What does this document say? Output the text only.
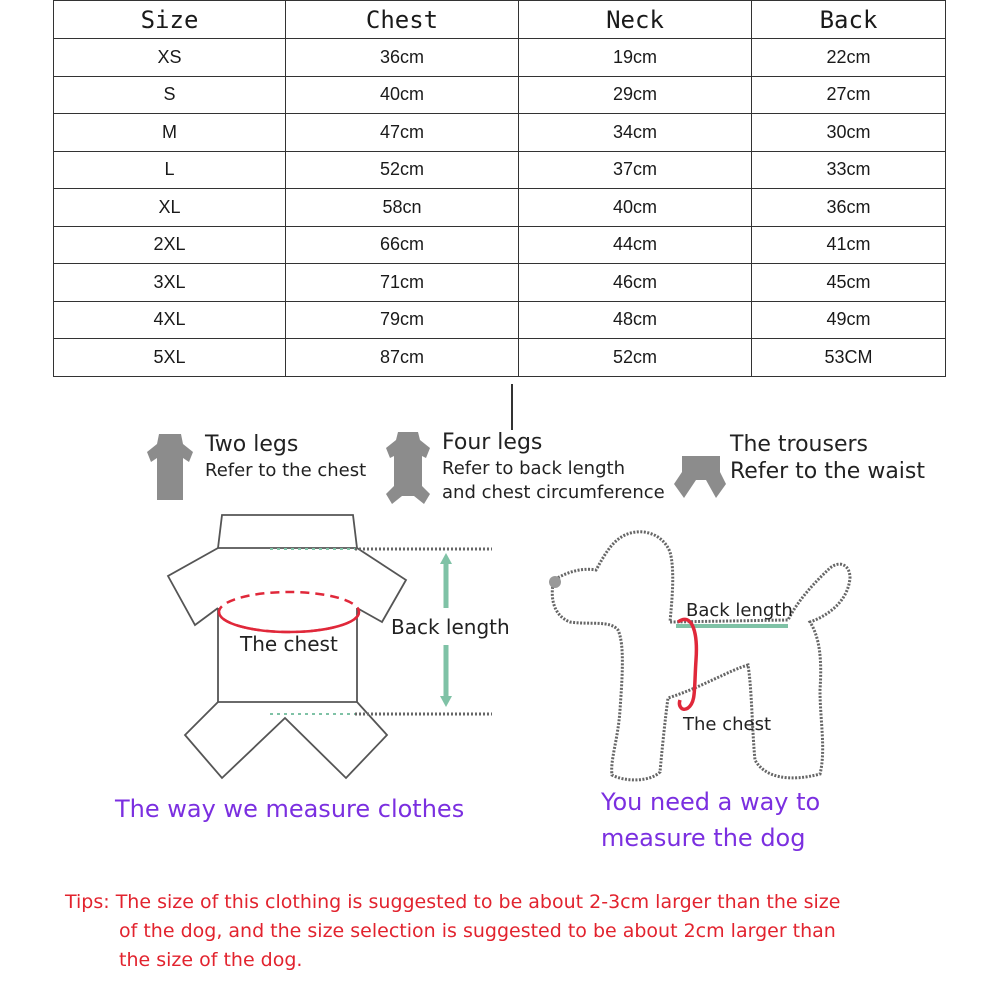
Size	Chest	Neck	Back
XS	36cm	19cm	22cm
S	40cm	29cm	27cm
M	47cm	34cm	30cm
L	52cm	37cm	33cm
XL	58cn	40cm	36cm
2XL	66cm	44cm	41cm
3XL	71cm	46cm	45cm
4XL	79cm	48cm	49cm
5XL	87cm	52cm	53CM
Two legs
Refer to the chest
Four legs
Refer to back length
and chest circumference
The trousers
Refer to the waist
The chest
Back length
The way we measure clothes
Back length
The chest
You need a way to
measure the dog
Tips: The size of this clothing is suggested to be about 2-3cm larger than the size
of the dog, and the size selection is suggested to be about 2cm larger than
the size of the dog.
